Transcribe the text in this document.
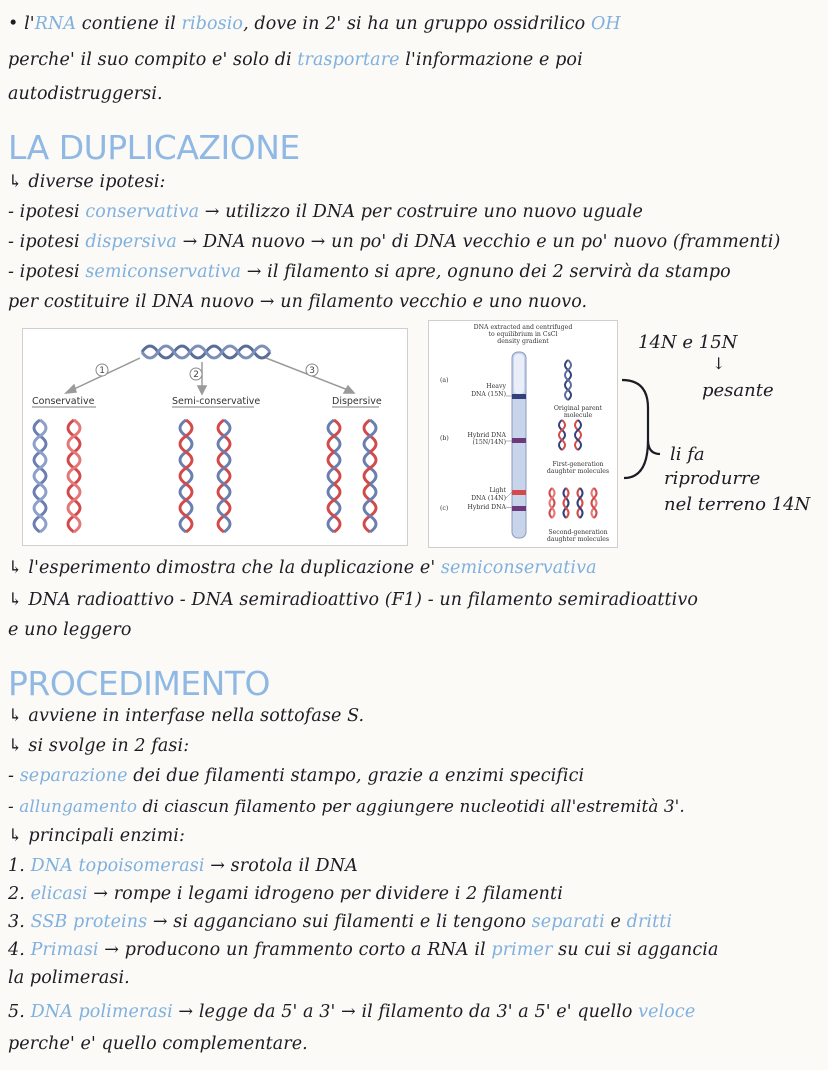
• l'RNA contiene il ribosio, dove in 2' si ha un gruppo ossidrilico OH
perche' il suo compito e' solo di trasportare l'informazione e poi
autodistruggersi.
LA DUPLICAZIONE
↳ diverse ipotesi:
- ipotesi conservativa → utilizzo il DNA per costruire uno nuovo uguale
- ipotesi dispersiva → DNA nuovo → un po' di DNA vecchio e un po' nuovo (frammenti)
- ipotesi semiconservativa → il filamento si apre, ognuno dei 2 servirà da stampo
per costituire il DNA nuovo → un filamento vecchio e uno nuovo.
1	2	3
Conservative	Semi-conservative	Dispersive
DNA extracted and centrifuged
to equilibrium in CsCl
density gradient
(a)
(b)
(c)
Heavy
DNA (15N)
Hybrid DNA
(15N/14N)
Light
DNA (14N)
Hybrid DNA
Original parent
molecule
First-generation
daughter molecules
Second-generation
daughter molecules
14N e 15N
↓
pesante
li fa
riprodurre
nel terreno 14N
↳ l'esperimento dimostra che la duplicazione e' semiconservativa
↳ DNA radioattivo - DNA semiradioattivo (F1) - un filamento semiradioattivo
e uno leggero
PROCEDIMENTO
↳ avviene in interfase nella sottofase S.
↳ si svolge in 2 fasi:
- separazione dei due filamenti stampo, grazie a enzimi specifici
- allungamento di ciascun filamento per aggiungere nucleotidi all'estremità 3'.
↳ principali enzimi:
1. DNA topoisomerasi → srotola il DNA
2. elicasi → rompe i legami idrogeno per dividere i 2 filamenti
3. SSB proteins → si agganciano sui filamenti e li tengono separati e dritti
4. Primasi → producono un frammento corto a RNA il primer su cui si aggancia
la polimerasi.
5. DNA polimerasi → legge da 5' a 3' → il filamento da 3' a 5' e' quello veloce
perche' e' quello complementare.
